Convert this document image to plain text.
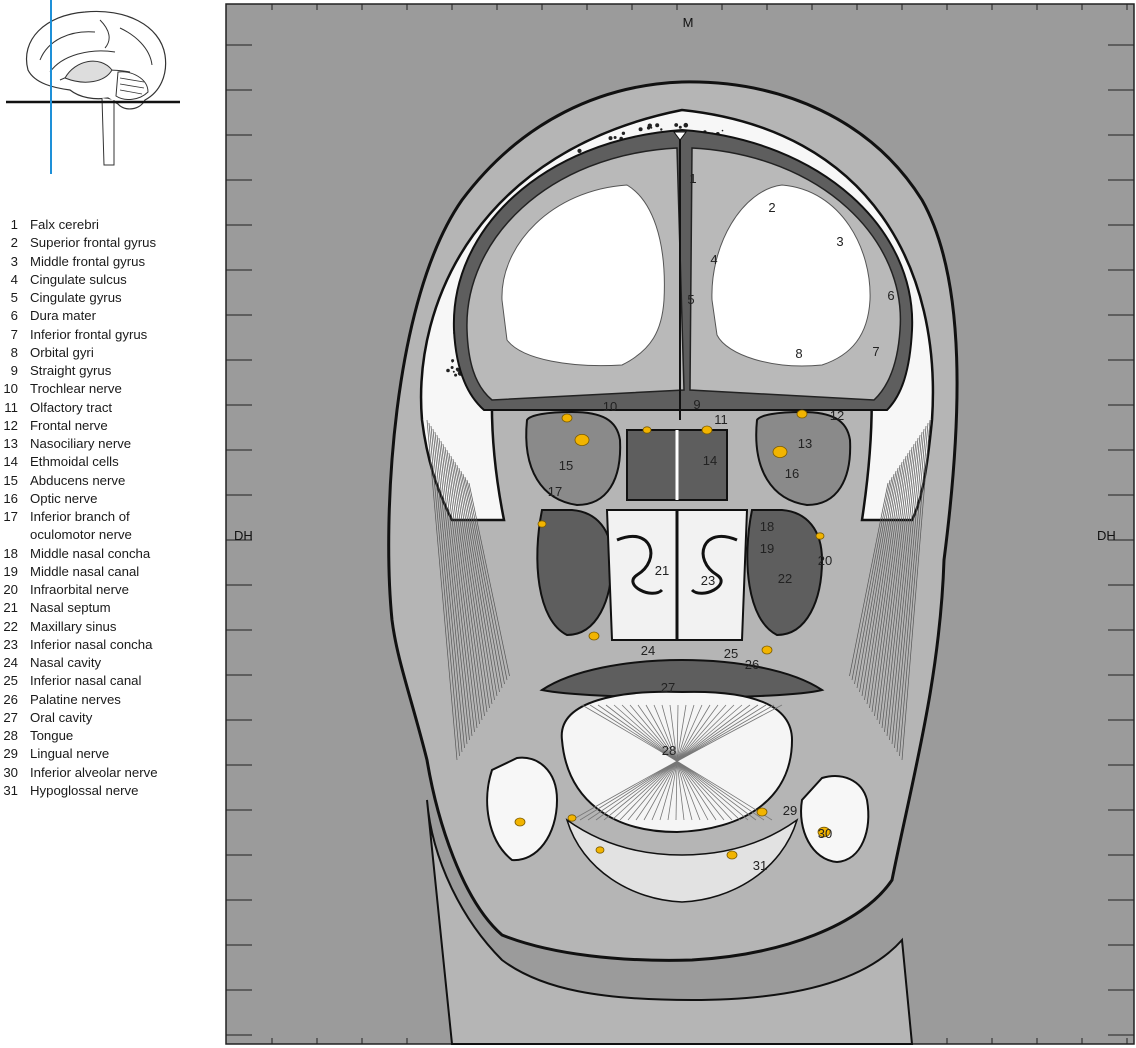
1 Falx cerebri
2 Superior frontal gyrus
3 Middle frontal gyrus
4 Cingulate sulcus
5 Cingulate gyrus
6 Dura mater
7 Inferior frontal gyrus
8 Orbital gyri
9 Straight gyrus
10 Trochlear nerve
11 Olfactory tract
12 Frontal nerve
13 Nasociliary nerve
14 Ethmoidal cells
15 Abducens nerve
16 Optic nerve
17 Inferior branch of
oculomotor nerve
18 Middle nasal concha
19 Middle nasal canal
20 Infraorbital nerve
21 Nasal septum
22 Maxillary sinus
23 Inferior nasal concha
24 Nasal cavity
25 Inferior nasal canal
26 Palatine nerves
27 Oral cavity
28 Tongue
29 Lingual nerve
30 Inferior alveolar nerve
31 Hypoglossal nerve
M
DH	DH
1
2
3
4
5	6
7
8
9
10
11	12
13
14
15
16
17
18
19
20
21
22
23
24	25
26
27
28
29
30
31
